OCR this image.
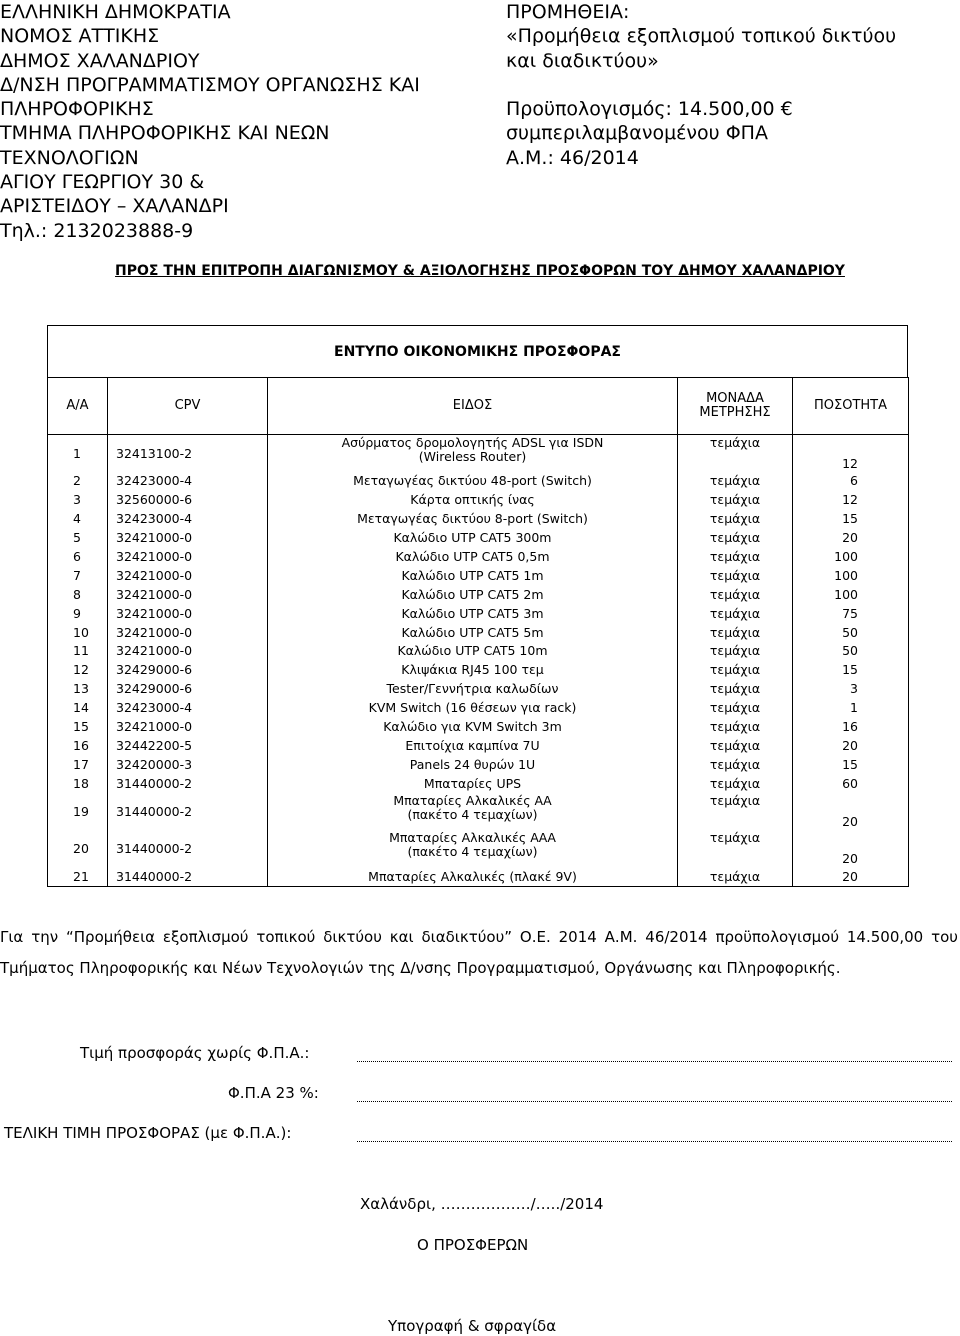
ΕΛΛΗΝΙΚΗ ΔΗΜΟΚΡΑΤΙΑ
ΝΟΜΟΣ ΑΤΤΙΚΗΣ
ΔΗΜΟΣ ΧΑΛΑΝΔΡΙΟΥ
Δ/ΝΣΗ ΠΡΟΓΡΑΜΜΑΤΙΣΜΟΥ ΟΡΓΑΝΩΣΗΣ ΚΑΙ
ΠΛΗΡΟΦΟΡΙΚΗΣ
ΤΜΗΜΑ ΠΛΗΡΟΦΟΡΙΚΗΣ ΚΑΙ ΝΕΩΝ
ΤΕΧΝΟΛΟΓΙΩΝ
ΑΓΙΟΥ ΓΕΩΡΓΙΟΥ 30 &
ΑΡΙΣΤΕΙΔΟΥ – ΧΑΛΑΝΔΡΙ
Τηλ.: 2132023888-9
ΠΡΟΜΗΘΕΙΑ:
«Προμήθεια εξοπλισμού τοπικού δικτύου
και διαδικτύου»
Προϋπολογισμός: 14.500,00 €
συμπεριλαμβανομένου ΦΠΑ
Α.Μ.: 46/2014
ΠΡΟΣ ΤΗΝ ΕΠΙΤΡΟΠΗ ΔΙΑΓΩΝΙΣΜΟΥ & ΑΞΙΟΛΟΓΗΣΗΣ ΠΡΟΣΦΟΡΩΝ ΤΟΥ ΔΗΜΟΥ ΧΑΛΑΝΔΡΙΟΥ
ΕΝΤΥΠΟ ΟΙΚΟΝΟΜΙΚΗΣ ΠΡΟΣΦΟΡΑΣ
Α/Α	CPV	ΕΙΔΟΣ	ΜΟΝΑΔΑ
ΜΕΤΡΗΣΗΣ	ΠΟΣΟΤΗΤΑ
1	32413100-2	Ασύρματος δρομολογητής ADSL για ISDN
(Wireless Router)	τεμάχια	12
2	32423000-4	Μεταγωγέας δικτύου 48-port (Switch)	τεμάχια	6
3	32560000-6	Κάρτα οπτικής ίνας	τεμάχια	12
4	32423000-4	Μεταγωγέας δικτύου 8-port (Switch)	τεμάχια	15
5	32421000-0	Καλώδιο UTP CAT5 300m	τεμάχια	20
6	32421000-0	Καλώδιο UTP CAT5 0,5m	τεμάχια	100
7	32421000-0	Καλώδιο UTP CAT5 1m	τεμάχια	100
8	32421000-0	Καλώδιο UTP CAT5 2m	τεμάχια	100
9	32421000-0	Καλώδιο UTP CAT5 3m	τεμάχια	75
10	32421000-0	Καλώδιο UTP CAT5 5m	τεμάχια	50
11	32421000-0	Καλώδιο UTP CAT5 10m	τεμάχια	50
12	32429000-6	Κλιψάκια RJ45 100 τεμ	τεμάχια	15
13	32429000-6	Tester/Γεννήτρια καλωδίων	τεμάχια	3
14	32423000-4	KVM Switch (16 θέσεων για rack)	τεμάχια	1
15	32421000-0	Καλώδιο για KVM Switch 3m	τεμάχια	16
16	32442200-5	Επιτοίχια καμπίνα 7U	τεμάχια	20
17	32420000-3	Panels 24 θυρών 1U	τεμάχια	15
18	31440000-2	Μπαταρίες UPS	τεμάχια	60
19	31440000-2	Μπαταρίες Αλκαλικές ΑΑ
(πακέτο 4 τεμαχίων)	τεμάχια	20
20	31440000-2	Μπαταρίες Αλκαλικές ΑΑΑ
(πακέτο 4 τεμαχίων)	τεμάχια	20
21	31440000-2	Μπαταρίες Αλκαλικές (πλακέ 9V)	τεμάχια	20
Για την “Προμήθεια εξοπλισμού τοπικού δικτύου και διαδικτύου” Ο.Ε. 2014 Α.Μ. 46/2014 προϋπολογισμού 14.500,00 του Τμήματος Πληροφορικής και Νέων Τεχνολογιών της Δ/νσης Προγραμματισμού, Οργάνωσης και Πληροφορικής.
Τιμή προσφοράς χωρίς Φ.Π.Α.:
Φ.Π.Α 23 %:
ΤΕΛΙΚΗ ΤΙΜΗ ΠΡΟΣΦΟΡΑΣ (με Φ.Π.Α.):
Χαλάνδρι, ………………/…../2014
Ο ΠΡΟΣΦΕΡΩΝ
Υπογραφή & σφραγίδα
